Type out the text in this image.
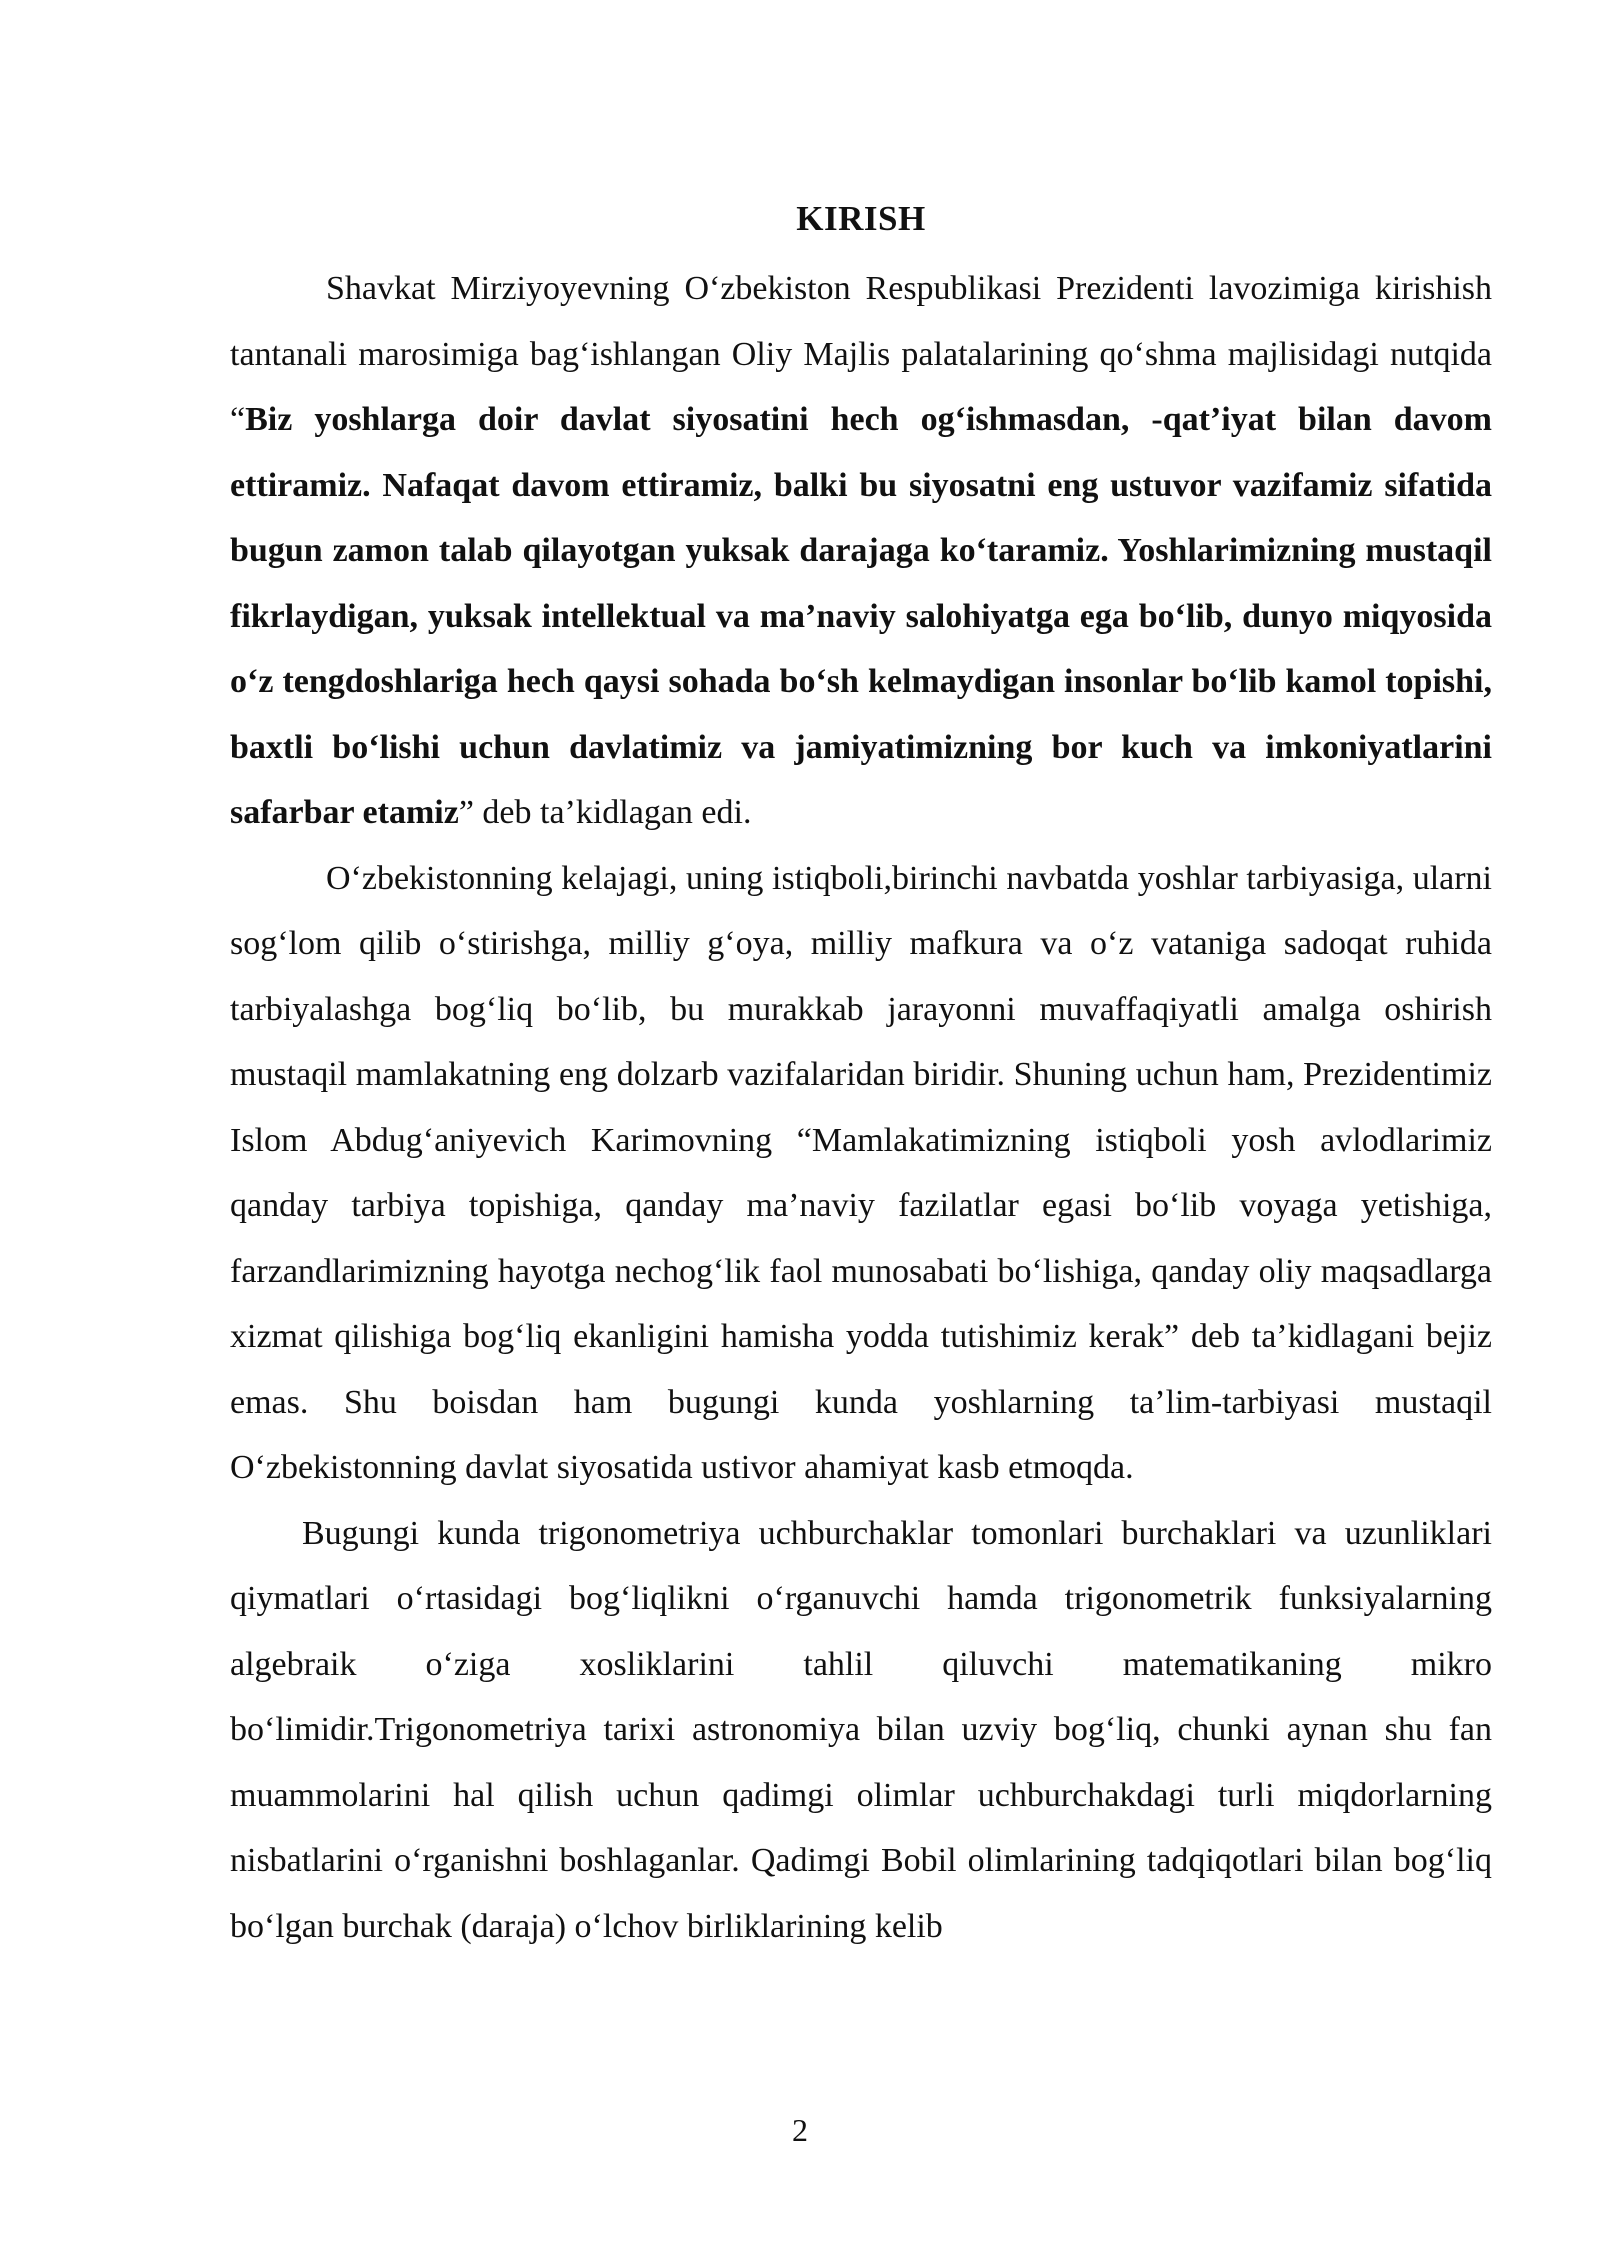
KIRISH

Shavkat Mirziyoyevning O‘zbekiston Respublikasi Prezidenti lavozimiga kirishish tantanali marosimiga bag‘ishlangan Oliy Majlis palatalarining qo‘shma majlisidagi nutqida “Biz yoshlarga doir davlat siyosatini hech og‘ishmasdan, -qat’iyat bilan davom ettiramiz. Nafaqat davom ettiramiz, balki bu siyosatni eng ustuvor vazifamiz sifatida bugun zamon talab qilayotgan yuksak darajaga ko‘taramiz. Yoshlarimizning mustaqil fikrlaydigan, yuksak intellektual va ma’naviy salohiyatga ega bo‘lib, dunyo miqyosida o‘z tengdoshlariga hech qaysi sohada bo‘sh kelmaydigan insonlar bo‘lib kamol topishi, baxtli bo‘lishi uchun davlatimiz va jamiyatimizning bor kuch va imkoniyatlarini safarbar etamiz” deb ta’kidlagan edi.

O‘zbekistonning kelajagi, uning istiqboli,birinchi navbatda yoshlar tarbiyasiga, ularni sog‘lom qilib o‘stirishga, milliy g‘oya, milliy mafkura va o‘z vataniga sadoqat ruhida tarbiyalashga bog‘liq bo‘lib, bu murakkab jarayonni muvaffaqiyatli amalga oshirish mustaqil mamlakatning eng dolzarb vazifalaridan biridir. Shuning uchun ham, Prezidentimiz Islom Abdug‘aniyevich Karimovning “Mamlakatimizning istiqboli yosh avlodlarimiz qanday tarbiya topishiga, qanday ma’naviy fazilatlar egasi bo‘lib voyaga yetishiga, farzandlarimizning hayotga nechog‘lik faol munosabati bo‘lishiga, qanday oliy maqsadlarga xizmat qilishiga bog‘liq ekanligini hamisha yodda tutishimiz kerak” deb ta’kidlagani bejiz emas. Shu boisdan ham bugungi kunda yoshlarning ta’lim-tarbiyasi mustaqil O‘zbekistonning davlat siyosatida ustivor ahamiyat kasb etmoqda.

Bugungi kunda trigonometriya uchburchaklar tomonlari burchaklari va uzunliklari qiymatlari o‘rtasidagi bog‘liqlikni o‘rganuvchi hamda trigonometrik funksiyalarning algebraik o‘ziga xosliklarini tahlil qiluvchi matematikaning mikro bo‘limidir.Trigonometriya tarixi astronomiya bilan uzviy bog‘liq, chunki aynan shu fan muammolarini hal qilish uchun qadimgi olimlar uchburchakdagi turli miqdorlarning nisbatlarini o‘rganishni boshlaganlar. Qadimgi Bobil olimlarining tadqiqotlari bilan bog‘liq bo‘lgan burchak (daraja) o‘lchov birliklarining kelib

2
